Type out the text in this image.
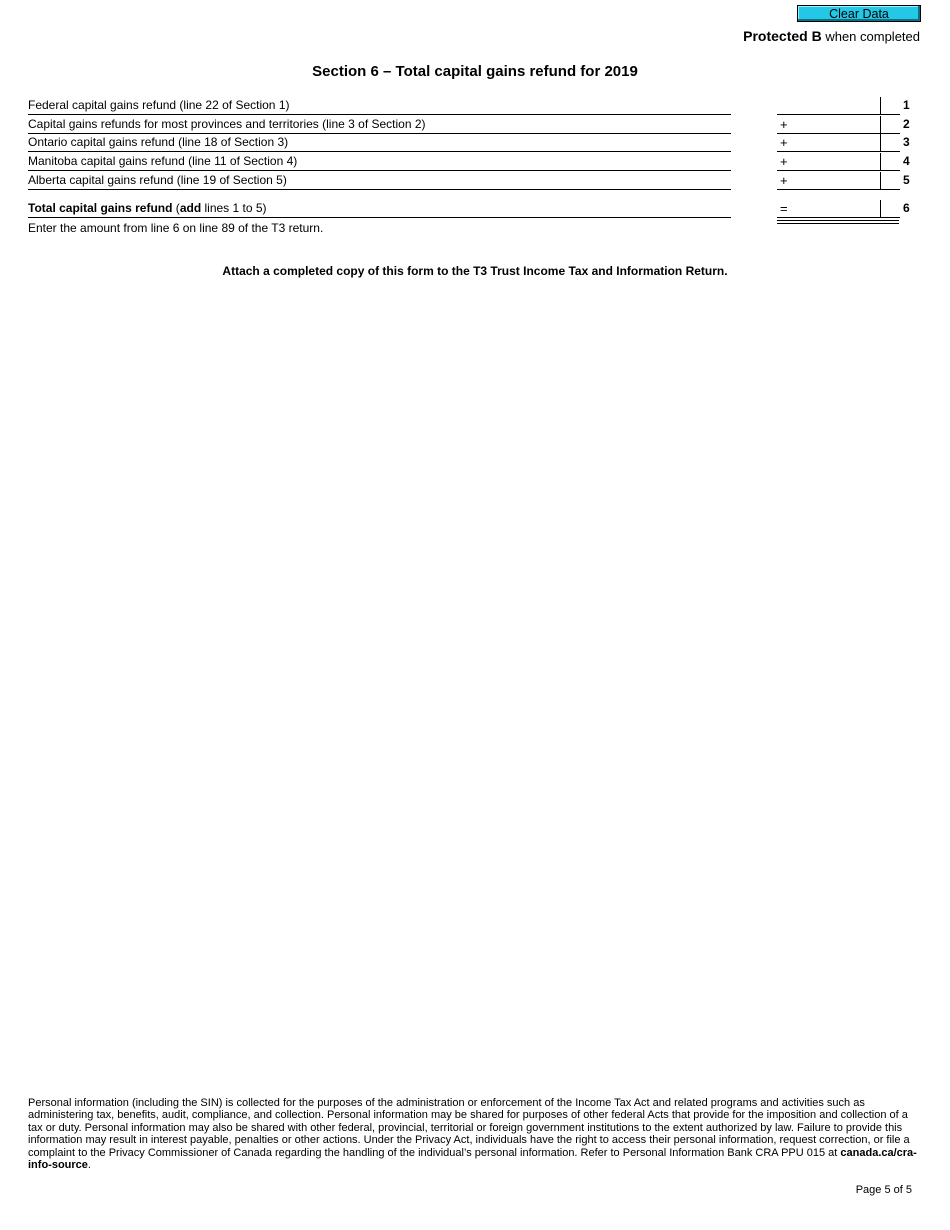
Clear Data
Protected B when completed
Section 6 – Total capital gains refund for 2019
Federal capital gains refund (line 22 of Section 1)	1
Capital gains refunds for most provinces and territories (line 3 of Section 2)	+	2
Ontario capital gains refund (line 18 of Section 3)	+	3
Manitoba capital gains refund (line 11 of Section 4)	+	4
Alberta capital gains refund (line 19 of Section 5)	+	5
Total capital gains refund (add lines 1 to 5)	=	6
Enter the amount from line 6 on line 89 of the T3 return.
Attach a completed copy of this form to the T3 Trust Income Tax and Information Return.
Personal information (including the SIN) is collected for the purposes of the administration or enforcement of the Income Tax Act and related programs and activities such as administering tax, benefits, audit, compliance, and collection. Personal information may be shared for purposes of other federal Acts that provide for the imposition and collection of a tax or duty. Personal information may also be shared with other federal, provincial, territorial or foreign government institutions to the extent authorized by law. Failure to provide this information may result in interest payable, penalties or other actions. Under the Privacy Act, individuals have the right to access their personal information, request correction, or file a complaint to the Privacy Commissioner of Canada regarding the handling of the individual’s personal information. Refer to Personal Information Bank CRA PPU 015 at canada.ca/cra-info-source.
Page 5 of 5
